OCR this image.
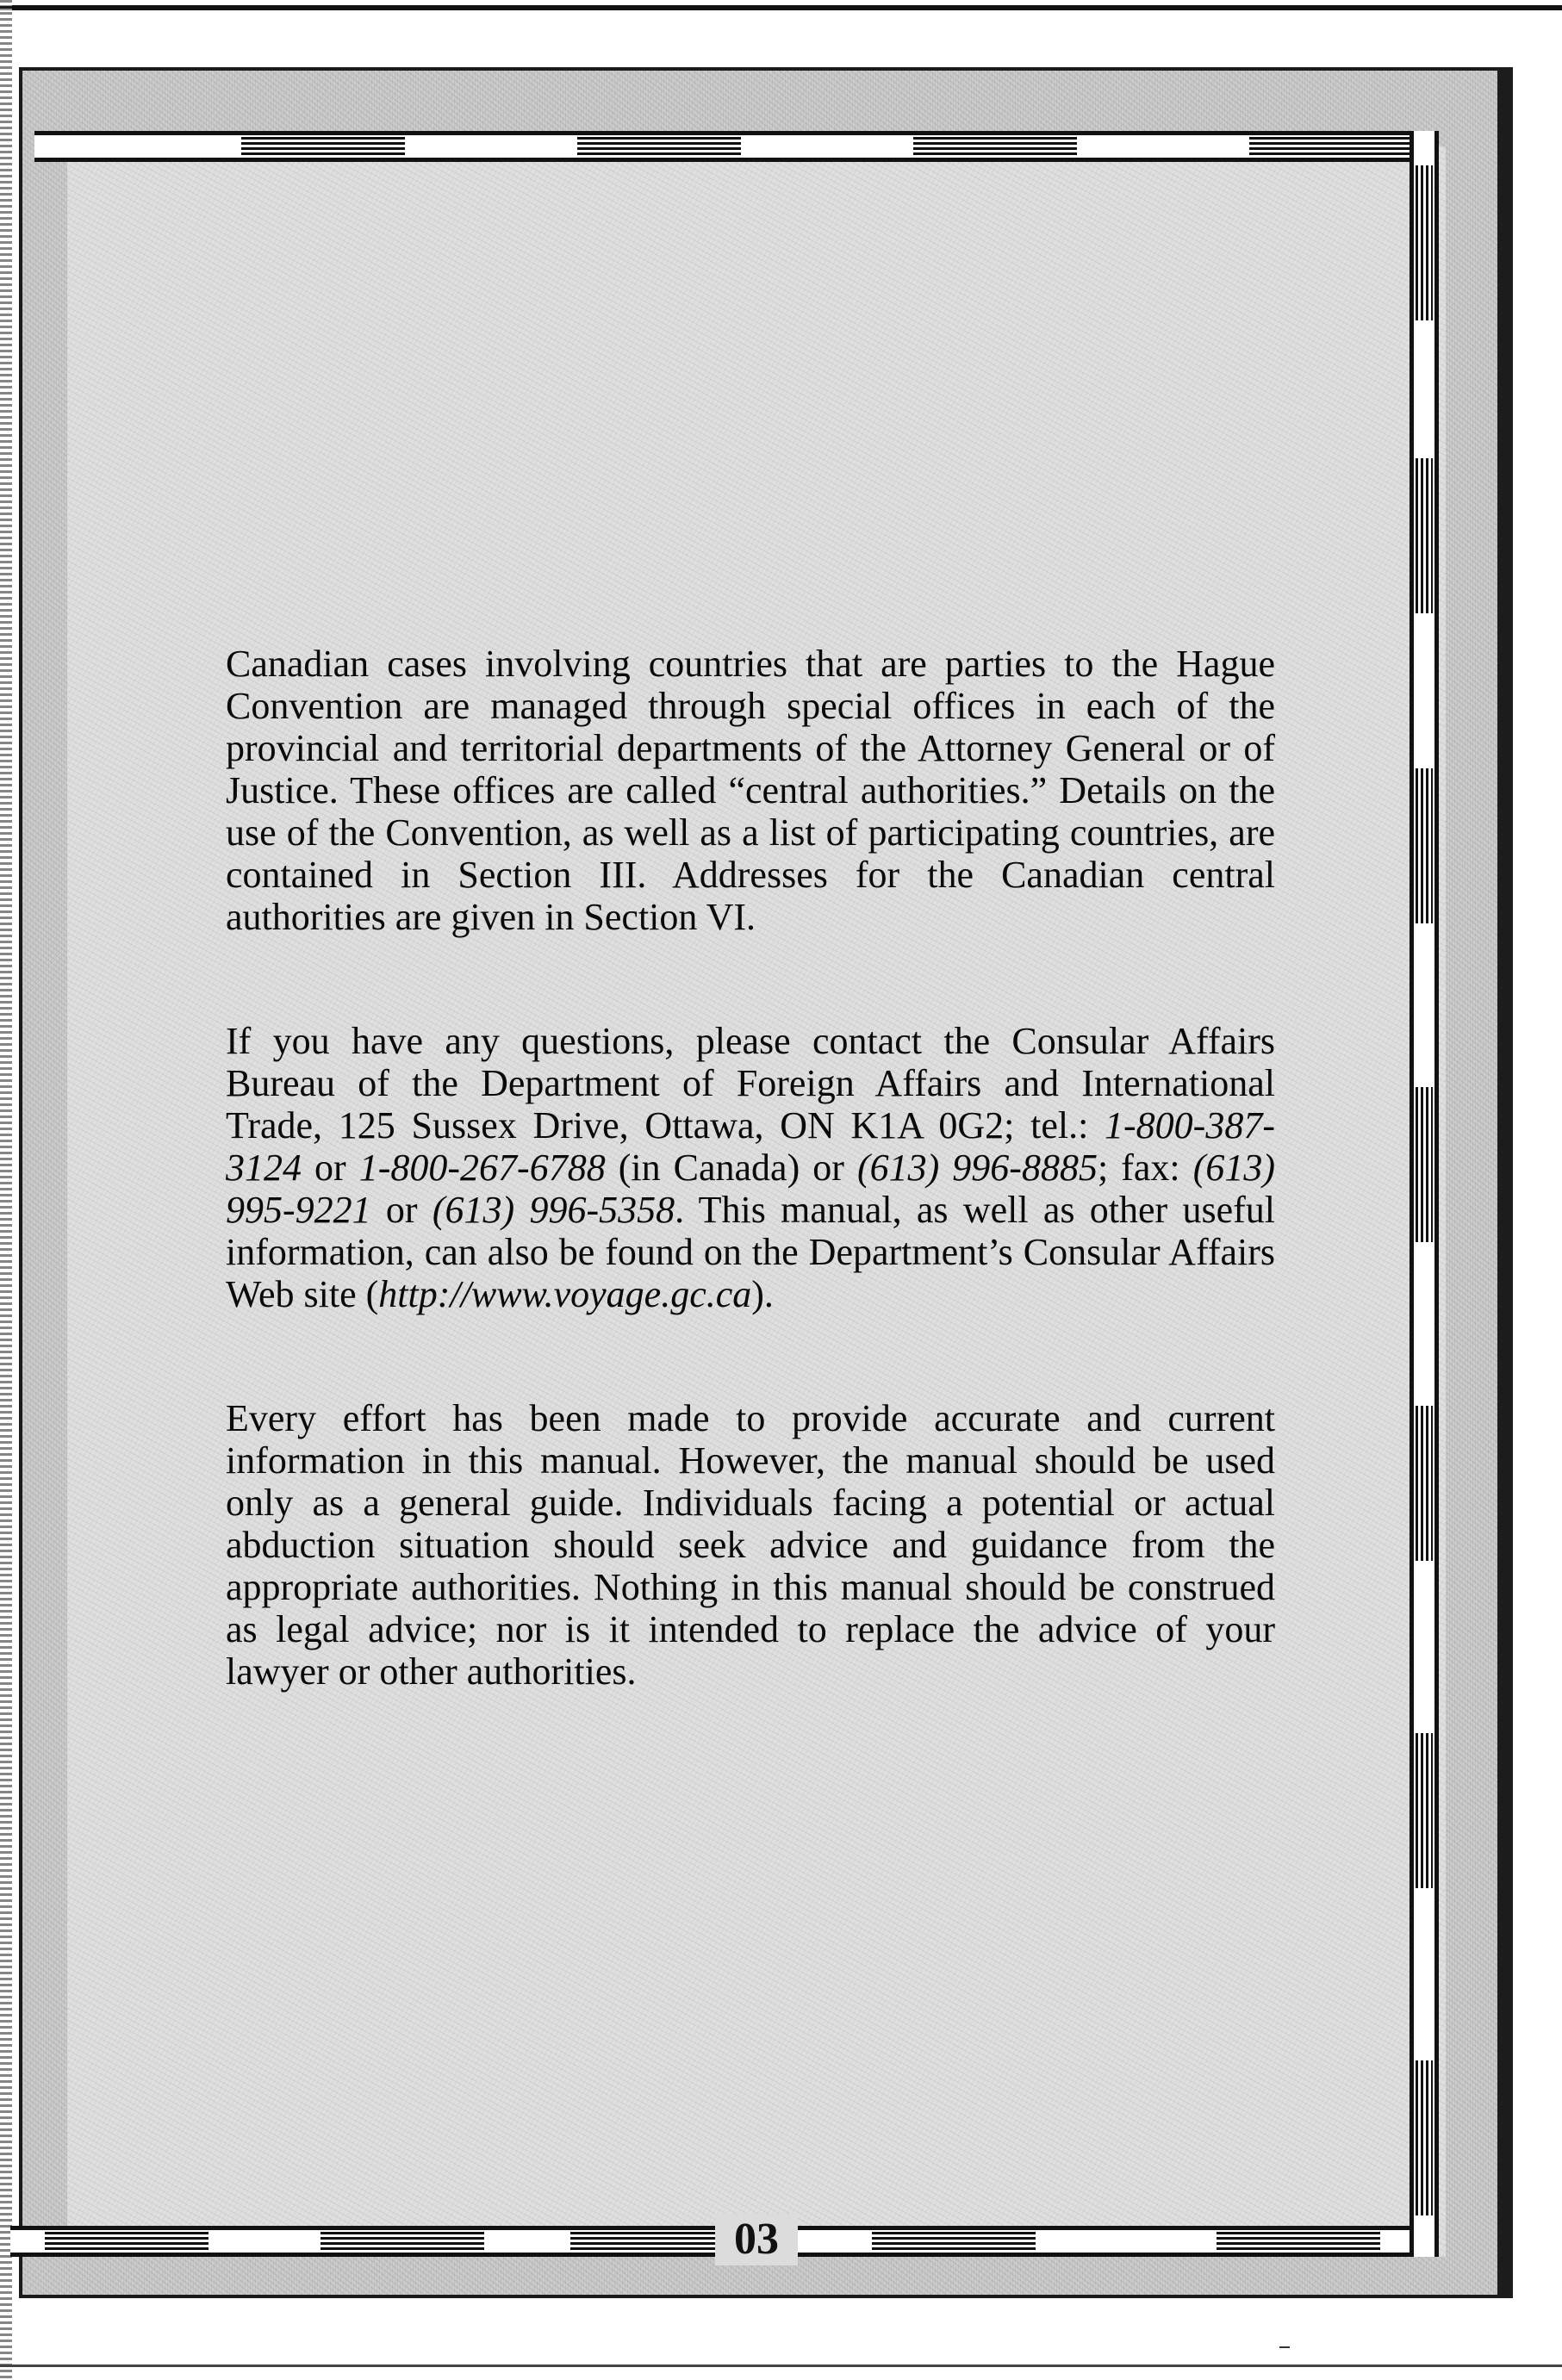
Canadian cases involving countries that are parties to the Hague Convention are managed through special offices in each of the provincial and territorial departments of the Attorney General or of Justice. These offices are called “central authorities.” Details on the use of the Convention, as well as a list of participating countries, are contained in Section III. Addresses for the Canadian central authorities are given in Section VI.
If you have any questions, please contact the Consular Affairs Bureau of the Department of Foreign Affairs and International Trade, 125 Sussex Drive, Ottawa, ON K1A 0G2; tel.: 1-800-387-3124 or 1-800-267-6788 (in Canada) or (613) 996-8885; fax: (613) 995-9221 or (613) 996-5358. This manual, as well as other useful information, can also be found on the Department’s Consular Affairs Web site (http://www.voyage.gc.ca).
Every effort has been made to provide accurate and current information in this manual. However, the manual should be used only as a general guide. Individuals facing a potential or actual abduction situation should seek advice and guidance from the appropriate authorities. Nothing in this manual should be construed as legal advice; nor is it intended to replace the advice of your lawyer or other authorities.
03
